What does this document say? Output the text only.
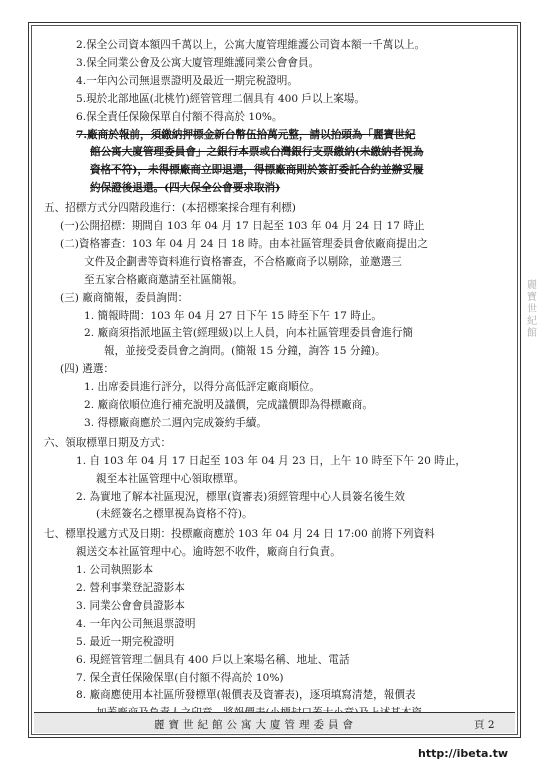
2.保全公司資本額四千萬以上，公寓大廈管理維護公司資本額一千萬以上。
3.保全同業公會及公寓大廈管理維護同業公會會員。
4.一年內公司無退票證明及最近一期完稅證明。
5.現於北部地區(北桃竹)經管管理二個具有 400 戶以上案場。
6.保全責任保險保單自付額不得高於 10%。
7.廠商於報前，須繳納押標金新台幣伍拾萬元整，請以抬頭為「麗寶世紀
館公寓大廈管理委員會」之銀行本票或台灣銀行支票繳納(未繳納者視為
資格不符)，未得標廠商立即退還，得標廠商則於簽訂委託合約並辦妥履
約保證後退還。(四大保全公會要求取消)
五、招標方式分四階段進行：(本招標案採合理有利標)
(一)公開招標：期間自 103 年 04 月 17 日起至 103 年 04 月 24 日 17 時止
(二)資格審查：103 年 04 月 24 日 18 時。由本社區管理委員會依廠商提出之
文件及企劃書等資料進行資格審查，不合格廠商予以剔除，並邀選三
至五家合格廠商邀請至社區簡報。
(三) 廠商簡報，委員詢問：
1. 簡報時間：103 年 04 月 27 日下午 15 時至下午 17 時止。
2. 廠商須指派地區主管(經理級)以上人員，向本社區管理委員會進行簡
報，並接受委員會之詢問。(簡報 15 分鐘，詢答 15 分鐘)。
(四) 遴選：
1. 出席委員進行評分，以得分高低評定廠商順位。
2. 廠商依順位進行補充說明及議價，完成議價即為得標廠商。
3. 得標廠商應於二週內完成簽約手續。
六、領取標單日期及方式：
1. 自 103 年 04 月 17 日起至 103 年 04 月 23 日，上午 10 時至下午 20 時止，
親至本社區管理中心領取標單。
2. 為實地了解本社區現況，標單(資審表)須經管理中心人員簽名後生效
(未經簽名之標單視為資格不符)。
七、標單投遞方式及日期：投標廠商應於 103 年 04 月 24 日 17:00 前將下列資料
親送交本社區管理中心。逾時恕不收件，廠商自行負責。
1. 公司執照影本
2. 營利事業登記證影本
3. 同業公會會員證影本
4. 一年內公司無退票證明
5. 最近一期完稅證明
6. 現經管管理二個具有 400 戶以上案場名稱、地址、電話
7. 保全責任保險保單(自付額不得高於 10%)
8. 廠商應使用本社區所發標單(報價表及資審表)，逐項填寫清楚，報價表
麗寶世紀館公寓大廈管理委員會	頁 2
麗寶世紀館
http://ibeta.tw
